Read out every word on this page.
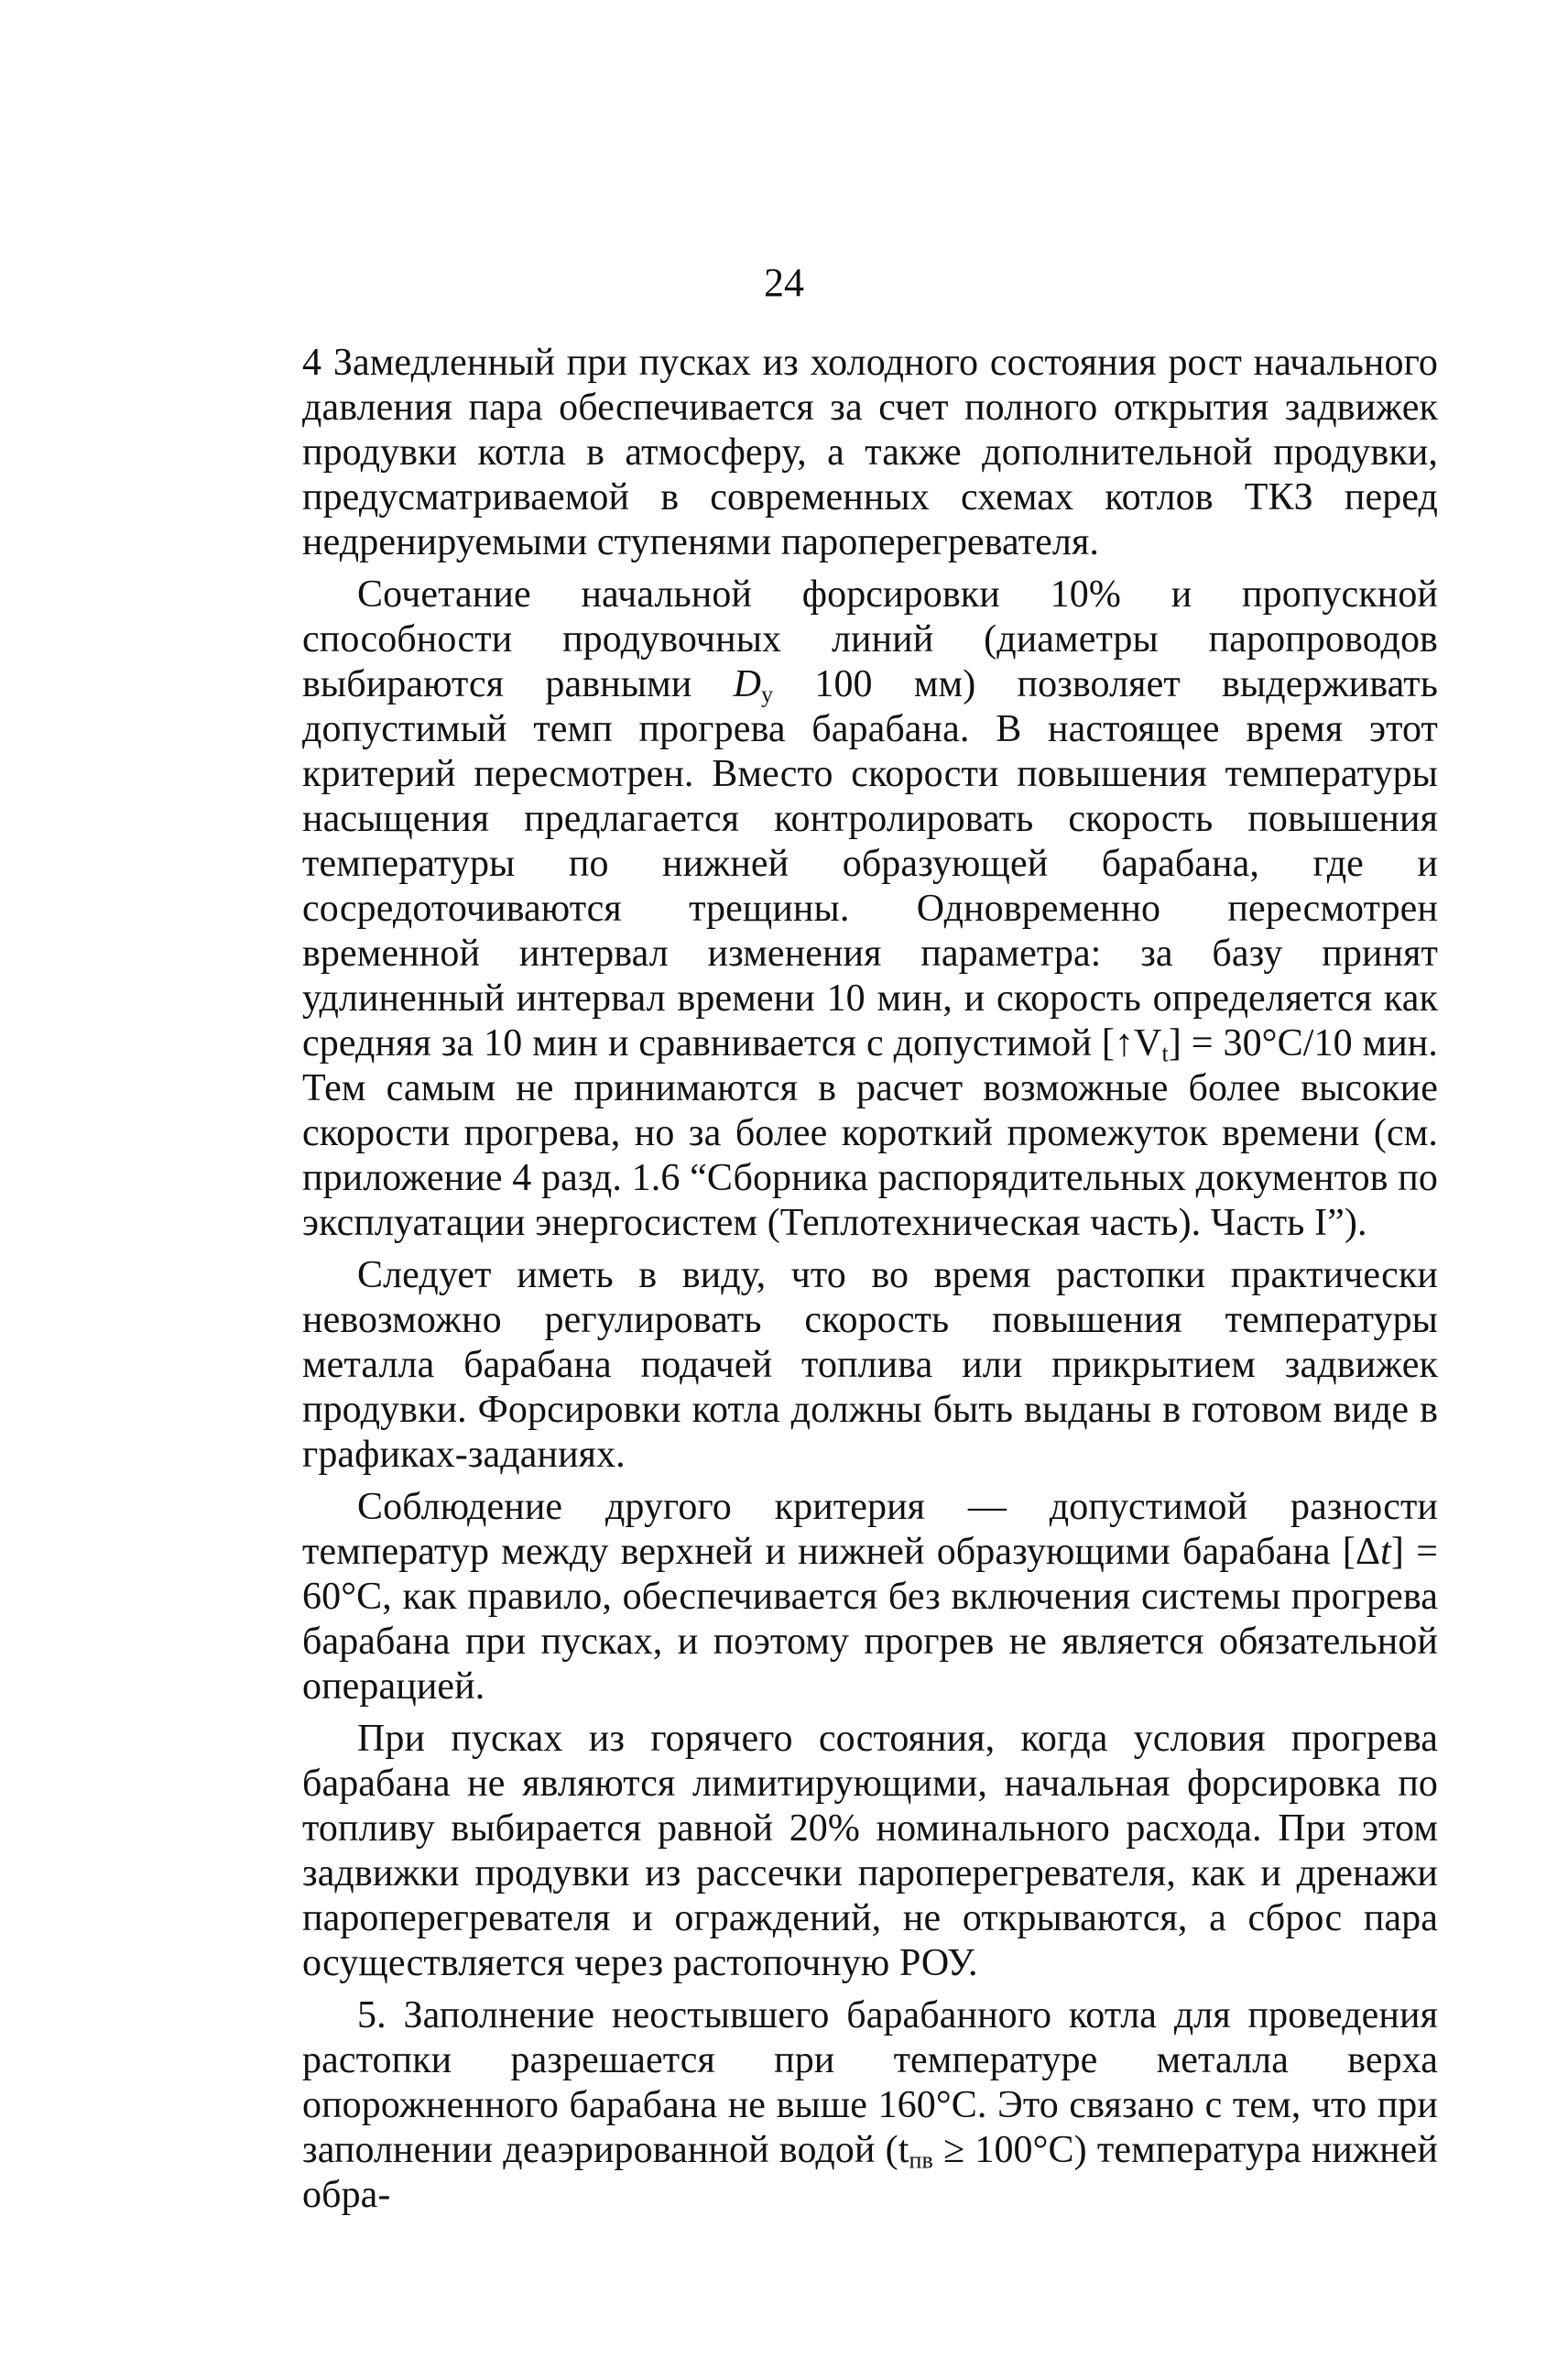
24

4 Замедленный при пусках из холодного состояния рост начального давления пара обеспечивается за счет полного открытия задвижек продувки котла в атмосферу, а также дополнительной продувки, предусматриваемой в современных схемах котлов ТКЗ перед недренируемыми ступенями пароперегревателя.

Сочетание начальной форсировки 10% и пропускной способности продувочных линий (диаметры паропроводов выбираются равными $D_y$ 100 мм) позволяет выдерживать допустимый темп прогрева барабана. В настоящее время этот критерий пересмотрен. Вместо скорости повышения температуры насыщения предлагается контролировать скорость повышения температуры по нижней образующей барабана, где и сосредоточиваются трещины. Одновременно пересмотрен временной интервал изменения параметра: за базу принят удлиненный интервал времени 10 мин, и скорость определяется как средняя за 10 мин и сравнивается с допустимой $[↑V_t] = 30^\circ С/10$ мин. Тем самым не принимаются в расчет возможные более высокие скорости прогрева, но за более короткий промежуток времени (см. приложение 4 разд. 1.6 “Сборника распорядительных документов по эксплуатации энергосистем (Теплотехническая часть). Часть I”).

Следует иметь в виду, что во время растопки практически невозможно регулировать скорость повышения температуры металла барабана подачей топлива или прикрытием задвижек продувки. Форсировки котла должны быть выданы в готовом виде в графиках-заданиях.

Соблюдение другого критерия — допустимой разности температур между верхней и нижней образующими барабана [Δt] = 60°С, как правило, обеспечивается без включения системы прогрева барабана при пусках, и поэтому прогрев не является обязательной операцией.

При пусках из горячего состояния, когда условия прогрева барабана не являются лимитирующими, начальная форсировка по топливу выбирается равной 20% номинального расхода. При этом задвижки продувки из рассечки пароперегревателя, как и дренажи пароперегревателя и ограждений, не открываются, а сброс пара осуществляется через растопочную РОУ.

5. Заполнение неостывшего барабанного котла для проведения растопки разрешается при температуре металла верха опорожненного барабана не выше 160°С. Это связано с тем, что при заполнении деаэрированной водой $(t_{пв} \ge 100^\circ С)$ температура нижней обра-
